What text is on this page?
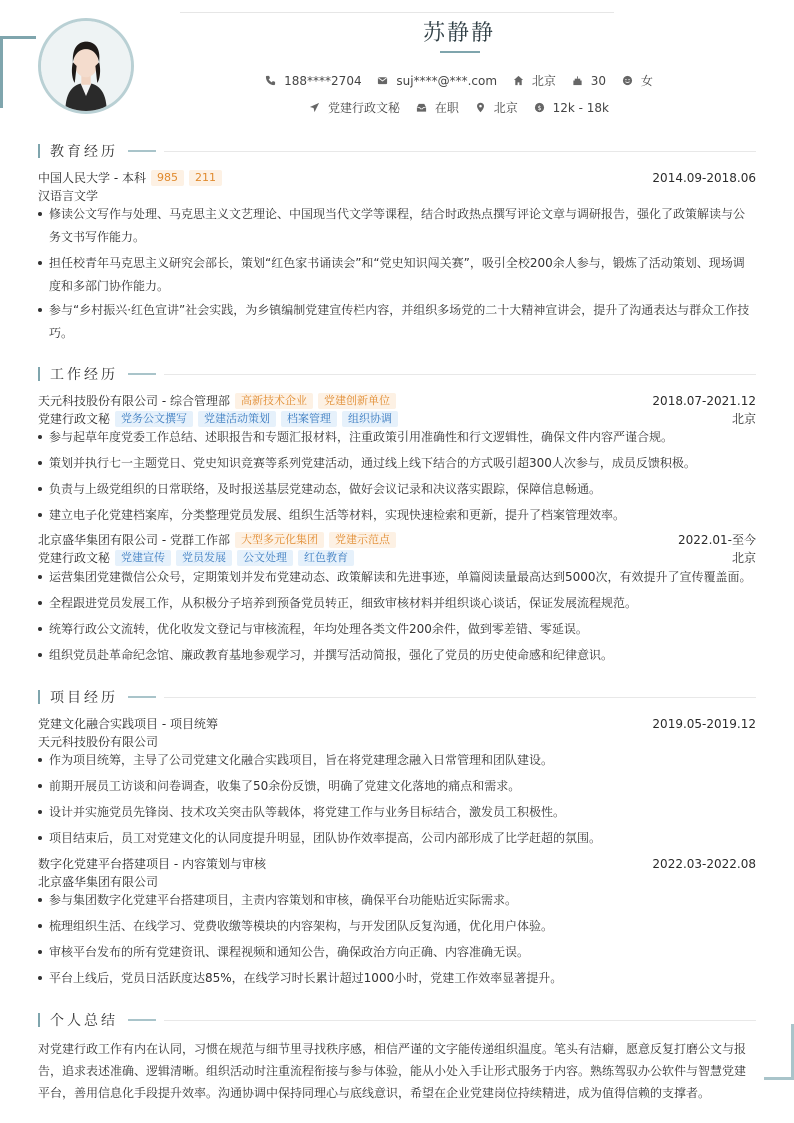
苏静静
188****2704
	suj****@***.com
	北京
	30
	女
党建行政文秘
	在职
	北京
	$ 12k - 18k
教育经历
中国人民大学 - 本科	985	211	2014.09-2018.06
汉语言文学
修读公文写作与处理、马克思主义文艺理论、中国现当代文学等课程，结合时政热点撰写评论文章与调研报告，强化了政策解读与公务文书写作能力。
担任校青年马克思主义研究会部长，策划“红色家书诵读会”和“党史知识闯关赛”，吸引全校200余人参与，锻炼了活动策划、现场调度和多部门协作能力。
参与“乡村振兴·红色宣讲”社会实践，为乡镇编制党建宣传栏内容，并组织多场党的二十大精神宣讲会，提升了沟通表达与群众工作技巧。
工作经历
天元科技股份有限公司 - 综合管理部	高新技术企业	党建创新单位	2018.07-2021.12
党建行政文秘	党务公文撰写	党建活动策划	档案管理	组织协调	北京
参与起草年度党委工作总结、述职报告和专题汇报材料，注重政策引用准确性和行文逻辑性，确保文件内容严谨合规。
策划并执行七一主题党日、党史知识竞赛等系列党建活动，通过线上线下结合的方式吸引超300人次参与，成员反馈积极。
负责与上级党组织的日常联络，及时报送基层党建动态，做好会议记录和决议落实跟踪，保障信息畅通。
建立电子化党建档案库，分类整理党员发展、组织生活等材料，实现快速检索和更新，提升了档案管理效率。
北京盛华集团有限公司 - 党群工作部	大型多元化集团	党建示范点	2022.01-至今
党建行政文秘	党建宣传	党员发展	公文处理	红色教育	北京
运营集团党建微信公众号，定期策划并发布党建动态、政策解读和先进事迹，单篇阅读量最高达到5000次，有效提升了宣传覆盖面。
全程跟进党员发展工作，从积极分子培养到预备党员转正，细致审核材料并组织谈心谈话，保证发展流程规范。
统筹行政公文流转，优化收发文登记与审核流程，年均处理各类文件200余件，做到零差错、零延误。
组织党员赴革命纪念馆、廉政教育基地参观学习，并撰写活动简报，强化了党员的历史使命感和纪律意识。
项目经历
党建文化融合实践项目 - 项目统筹	2019.05-2019.12
天元科技股份有限公司
作为项目统筹，主导了公司党建文化融合实践项目，旨在将党建理念融入日常管理和团队建设。
前期开展员工访谈和问卷调查，收集了50余份反馈，明确了党建文化落地的痛点和需求。
设计并实施党员先锋岗、技术攻关突击队等载体，将党建工作与业务目标结合，激发员工积极性。
项目结束后，员工对党建文化的认同度提升明显，团队协作效率提高，公司内部形成了比学赶超的氛围。
数字化党建平台搭建项目 - 内容策划与审核	2022.03-2022.08
北京盛华集团有限公司
参与集团数字化党建平台搭建项目，主责内容策划和审核，确保平台功能贴近实际需求。
梳理组织生活、在线学习、党费收缴等模块的内容架构，与开发团队反复沟通，优化用户体验。
审核平台发布的所有党建资讯、课程视频和通知公告，确保政治方向正确、内容准确无误。
平台上线后，党员日活跃度达85%，在线学习时长累计超过1000小时，党建工作效率显著提升。
个人总结
对党建行政工作有内在认同，习惯在规范与细节里寻找秩序感，相信严谨的文字能传递组织温度。笔头有洁癖，愿意反复打磨公文与报告，追求表述准确、逻辑清晰。组织活动时注重流程衔接与参与体验，能从小处入手让形式服务于内容。熟练驾驭办公软件与智慧党建平台，善用信息化手段提升效率。沟通协调中保持同理心与底线意识，希望在企业党建岗位持续精进，成为值得信赖的支撑者。
